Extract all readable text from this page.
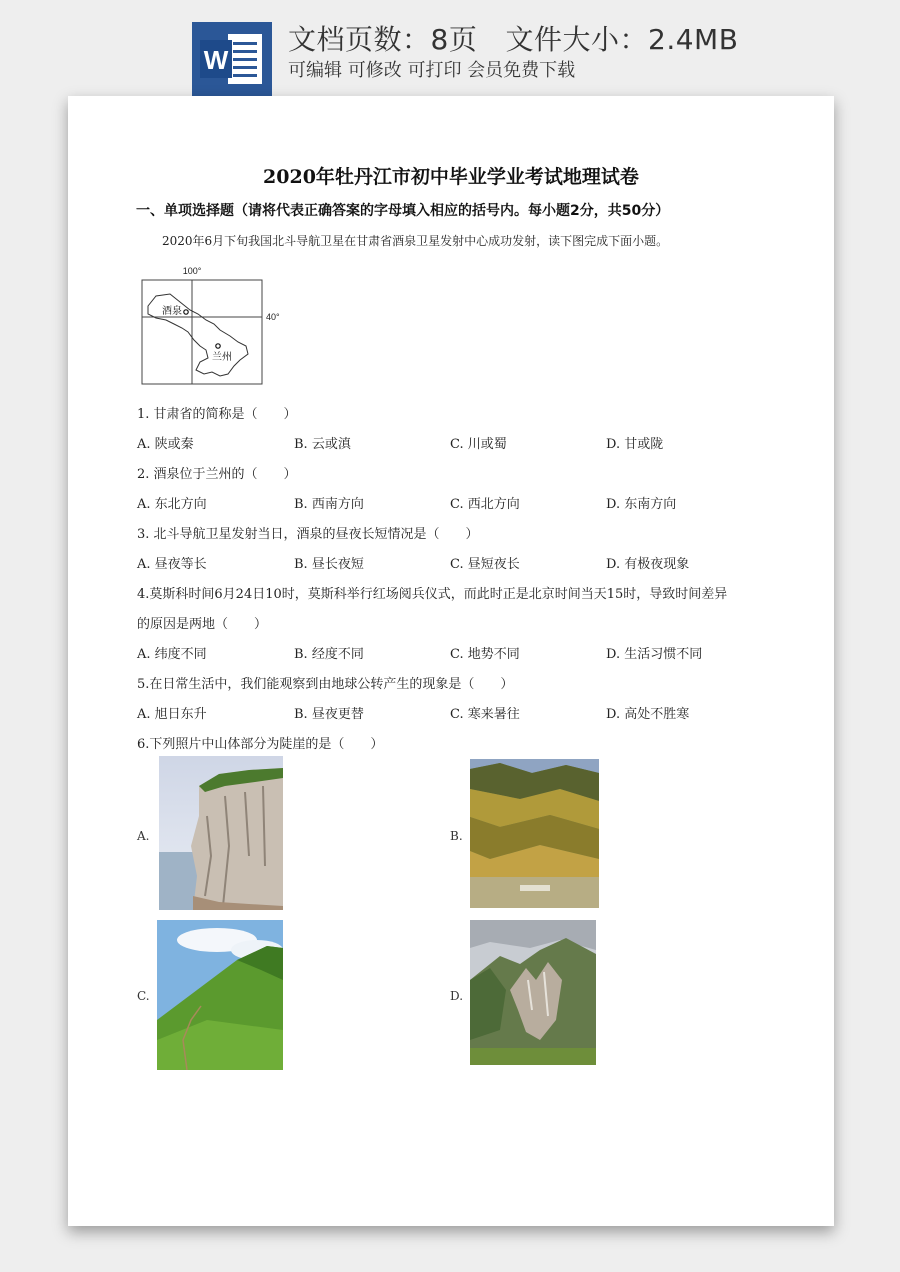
W
文档页数：8页   文件大小：2.4MB
可编辑 可修改 可打印 会员免费下载
2020年牡丹江市初中毕业学业考试地理试卷
一、单项选择题（请将代表正确答案的字母填入相应的括号内。每小题2分，共50分）
2020年6月下旬我国北斗导航卫星在甘肃省酒泉卫星发射中心成功发射，读下图完成下面小题。
100°
40°
酒泉
兰州
1. 甘肃省的简称是（　　）
A. 陕或秦	B. 云或滇	C. 川或蜀	D. 甘或陇
2. 酒泉位于兰州的（　　）
A. 东北方向	B. 西南方向	C. 西北方向	D. 东南方向
3. 北斗导航卫星发射当日，酒泉的昼夜长短情况是（　　）
A. 昼夜等长	B. 昼长夜短	C. 昼短夜长	D. 有极夜现象
4.莫斯科时间6月24日10时，莫斯科举行红场阅兵仪式，而此时正是北京时间当天15时，导致时间差异
的原因是两地（　　）
A. 纬度不同	B. 经度不同	C. 地势不同	D. 生活习惯不同
5.在日常生活中，我们能观察到由地球公转产生的现象是（　　）
A. 旭日东升	B. 昼夜更替	C. 寒来暑往	D. 高处不胜寒
6.下列照片中山体部分为陡崖的是（　　）
A.	B.
C.	D.
